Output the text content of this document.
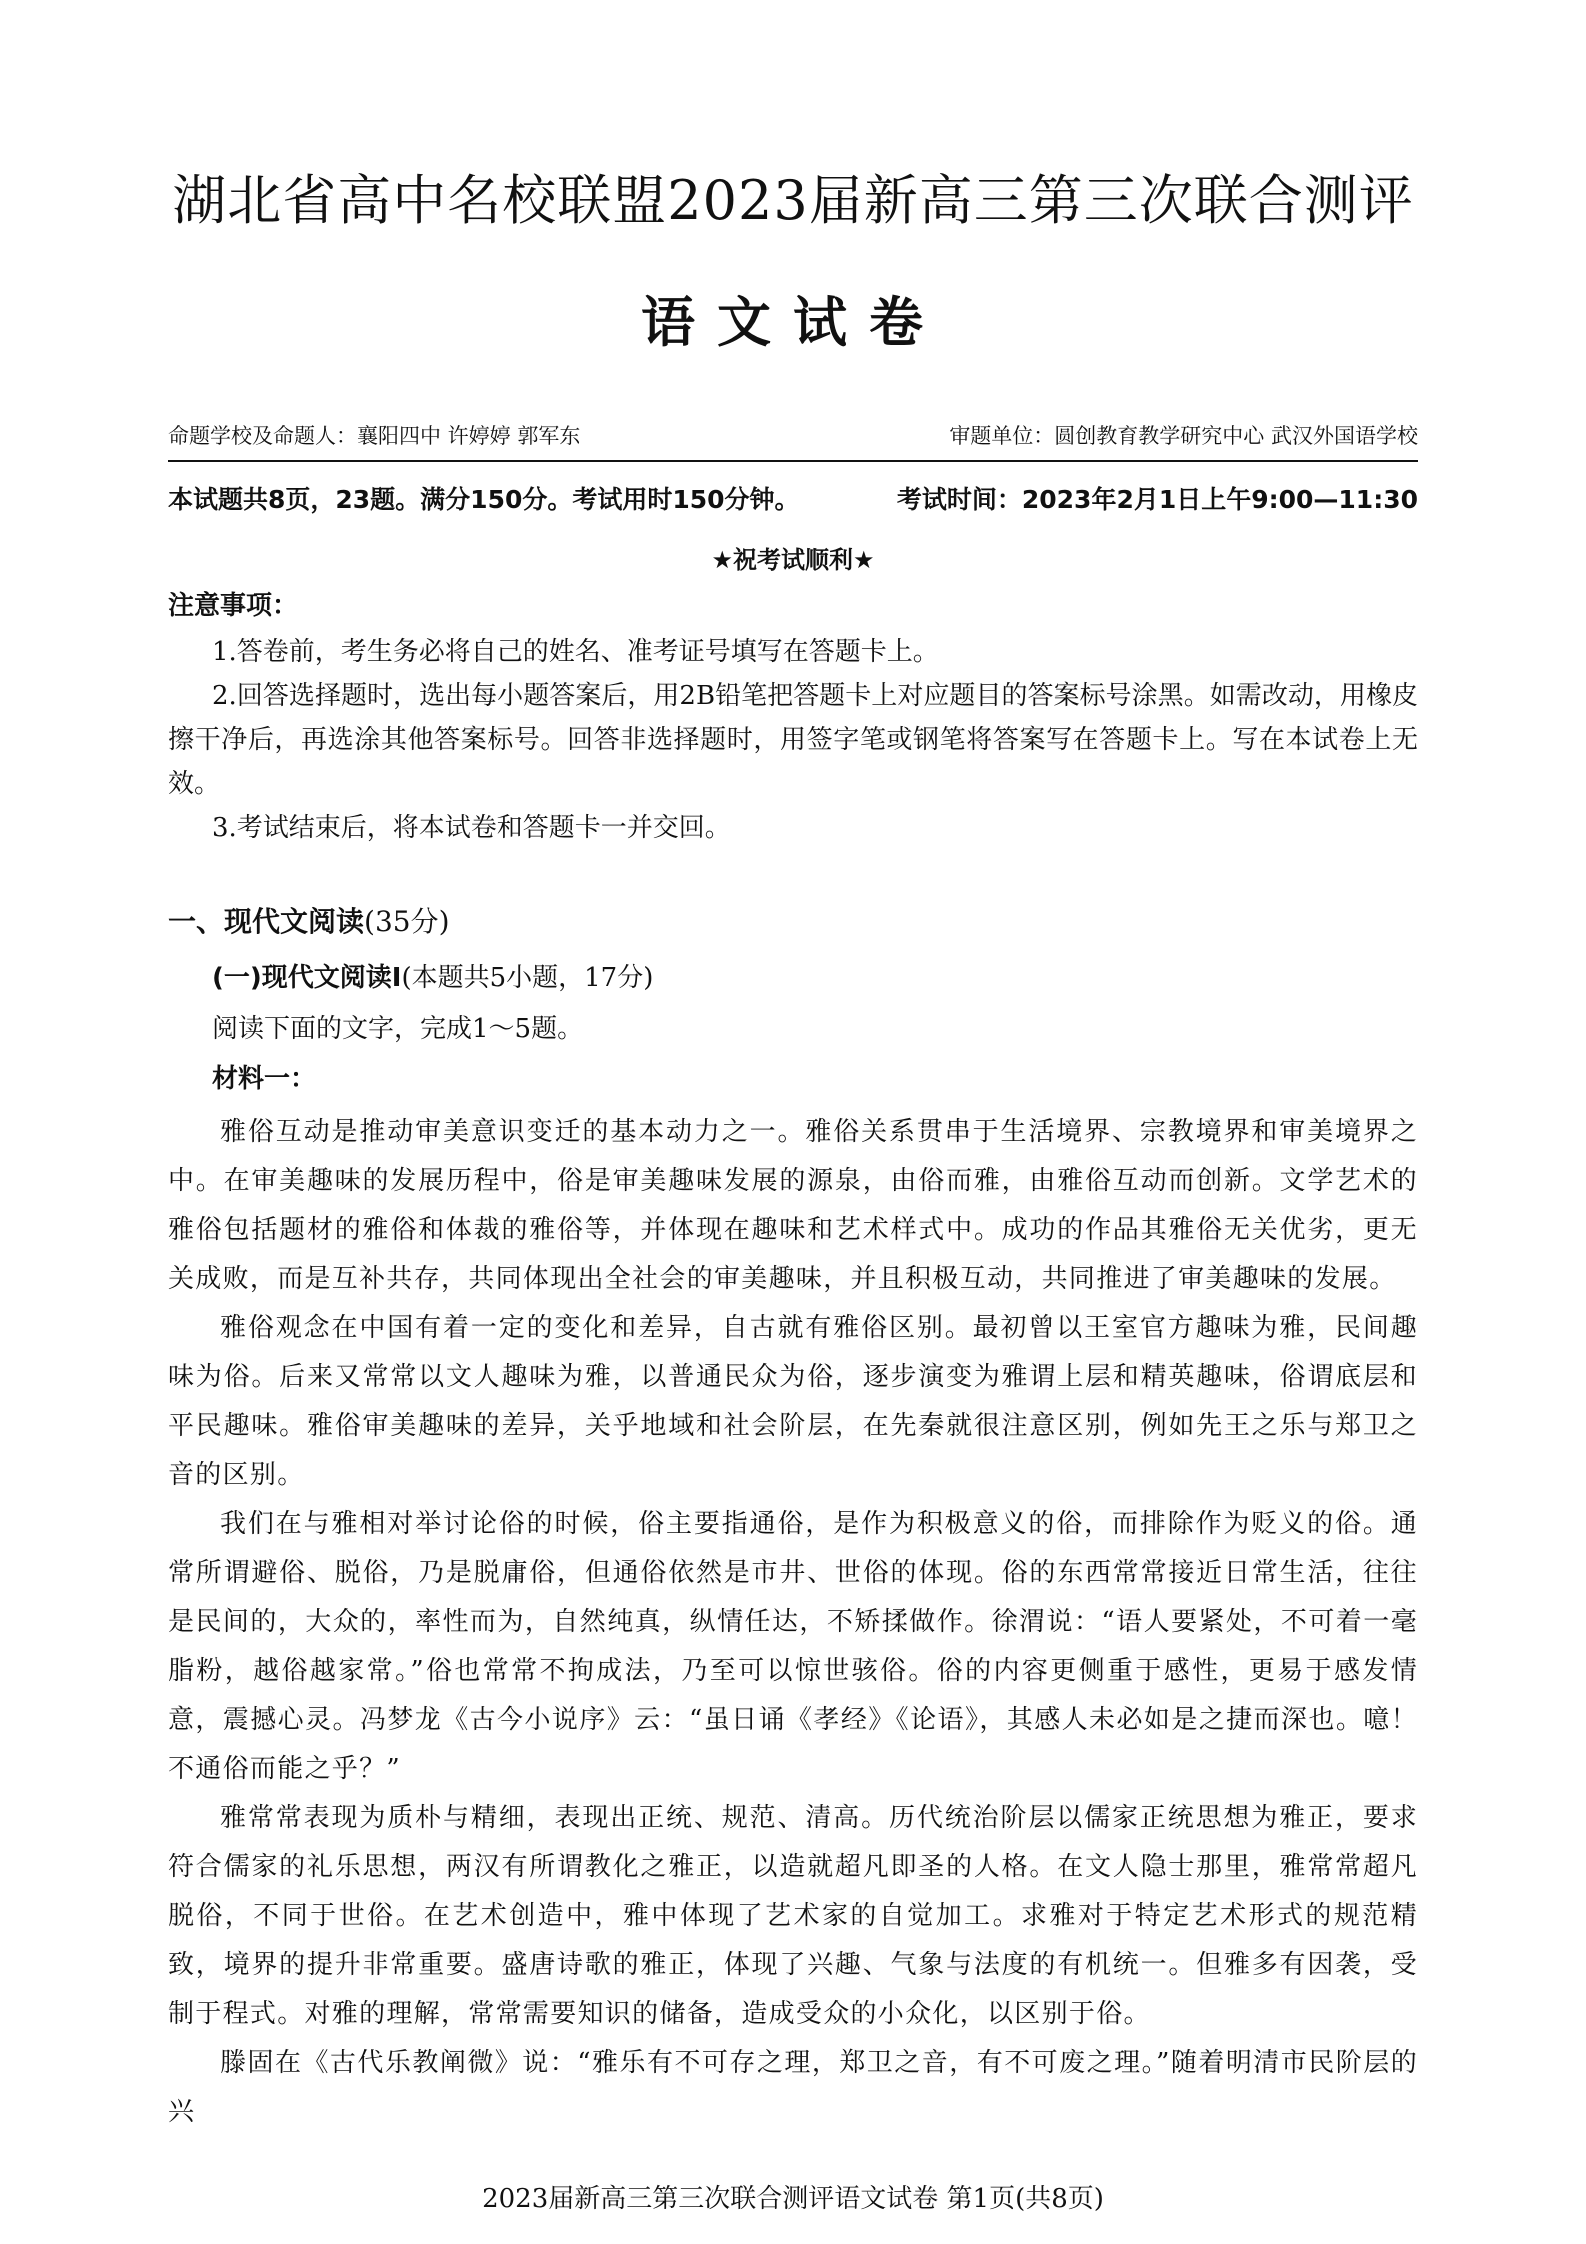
湖北省高中名校联盟2023届新高三第三次联合测评
语文试卷
命题学校及命题人：襄阳四中 许婷婷 郭军东	审题单位：圆创教育教学研究中心 武汉外国语学校
本试题共8页，23题。满分150分。考试用时150分钟。	考试时间：2023年2月1日上午9:00—11:30
★祝考试顺利★
注意事项：

1.答卷前，考生务必将自己的姓名、准考证号填写在答题卡上。

2.回答选择题时，选出每小题答案后，用2B铅笔把答题卡上对应题目的答案标号涂黑。如需改动，用橡皮擦干净后，再选涂其他答案标号。回答非选择题时，用签字笔或钢笔将答案写在答题卡上。写在本试卷上无效。

3.考试结束后，将本试卷和答题卡一并交回。

一、现代文阅读(35分)
(一)现代文阅读Ⅰ(本题共5小题，17分)
阅读下面的文字，完成1～5题。
材料一：

雅俗互动是推动审美意识变迁的基本动力之一。雅俗关系贯串于生活境界、宗教境界和审美境界之中。在审美趣味的发展历程中，俗是审美趣味发展的源泉，由俗而雅，由雅俗互动而创新。文学艺术的雅俗包括题材的雅俗和体裁的雅俗等，并体现在趣味和艺术样式中。成功的作品其雅俗无关优劣，更无关成败，而是互补共存，共同体现出全社会的审美趣味，并且积极互动，共同推进了审美趣味的发展。

雅俗观念在中国有着一定的变化和差异，自古就有雅俗区别。最初曾以王室官方趣味为雅，民间趣味为俗。后来又常常以文人趣味为雅，以普通民众为俗，逐步演变为雅谓上层和精英趣味，俗谓底层和平民趣味。雅俗审美趣味的差异，关乎地域和社会阶层，在先秦就很注意区别，例如先王之乐与郑卫之音的区别。

我们在与雅相对举讨论俗的时候，俗主要指通俗，是作为积极意义的俗，而排除作为贬义的俗。通常所谓避俗、脱俗，乃是脱庸俗，但通俗依然是市井、世俗的体现。俗的东西常常接近日常生活，往往是民间的，大众的，率性而为，自然纯真，纵情任达，不矫揉做作。徐渭说：“语人要紧处，不可着一毫脂粉，越俗越家常。”俗也常常不拘成法，乃至可以惊世骇俗。俗的内容更侧重于感性，更易于感发情意，震撼心灵。冯梦龙《古今小说序》云：“虽日诵《孝经》《论语》，其感人未必如是之捷而深也。噫！不通俗而能之乎？”

雅常常表现为质朴与精细，表现出正统、规范、清高。历代统治阶层以儒家正统思想为雅正，要求符合儒家的礼乐思想，两汉有所谓教化之雅正，以造就超凡即圣的人格。在文人隐士那里，雅常常超凡脱俗，不同于世俗。在艺术创造中，雅中体现了艺术家的自觉加工。求雅对于特定艺术形式的规范精致，境界的提升非常重要。盛唐诗歌的雅正，体现了兴趣、气象与法度的有机统一。但雅多有因袭，受制于程式。对雅的理解，常常需要知识的储备，造成受众的小众化，以区别于俗。

滕固在《古代乐教阐微》说：“雅乐有不可存之理，郑卫之音，有不可废之理。”随着明清市民阶层的兴

2023届新高三第三次联合测评语文试卷 第1页(共8页)
